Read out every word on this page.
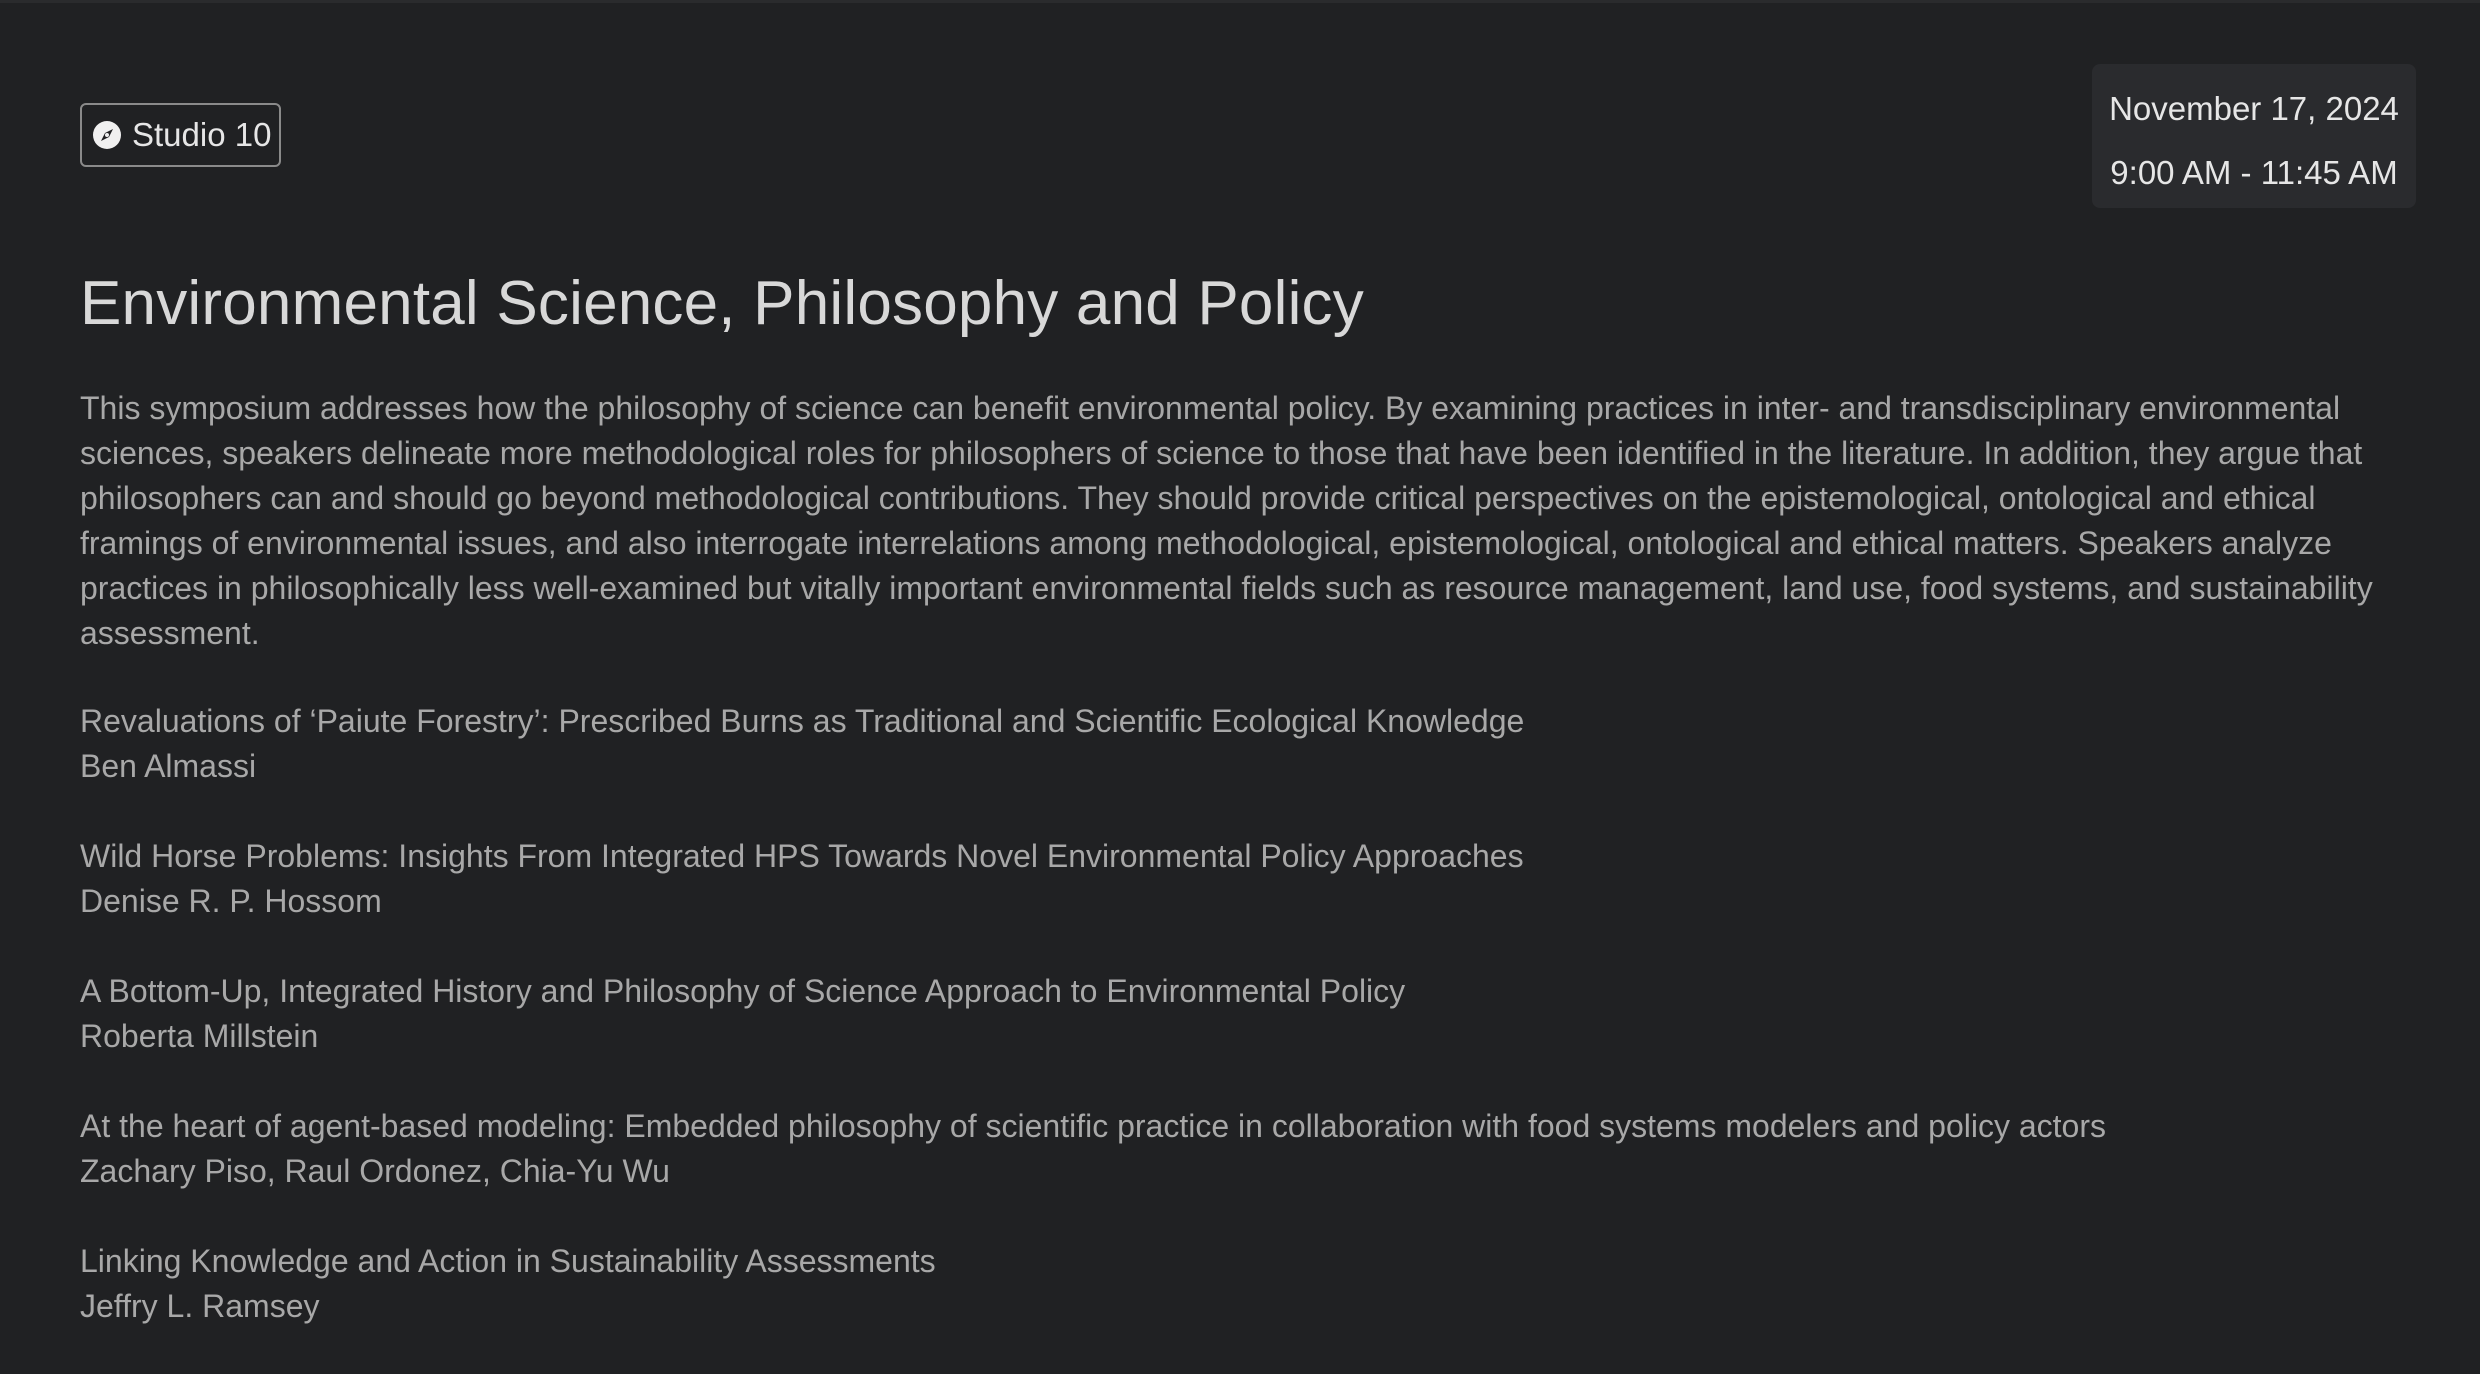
Studio 10
November 17, 2024
9:00 AM - 11:45 AM
Environmental Science, Philosophy and Policy

This symposium addresses how the philosophy of science can benefit environmental policy. By examining practices in inter- and transdisciplinary environmental sciences, speakers delineate more methodological roles for philosophers of science to those that have been identified in the literature. In addition, they argue that philosophers can and should go beyond methodological contributions. They should provide critical perspectives on the epistemological, ontological and ethical framings of environmental issues, and also interrogate interrelations among methodological, epistemological, ontological and ethical matters. Speakers analyze practices in philosophically less well-examined but vitally important environmental fields such as resource management, land use, food systems, and sustainability assessment.

Revaluations of ‘Paiute Forestry’: Prescribed Burns as Traditional and Scientific Ecological Knowledge
Ben Almassi
Wild Horse Problems: Insights From Integrated HPS Towards Novel Environmental Policy Approaches
Denise R. P. Hossom
A Bottom-Up, Integrated History and Philosophy of Science Approach to Environmental Policy
Roberta Millstein
At the heart of agent-based modeling: Embedded philosophy of scientific practice in collaboration with food systems modelers and policy actors
Zachary Piso, Raul Ordonez, Chia-Yu Wu
Linking Knowledge and Action in Sustainability Assessments
Jeffry L. Ramsey
